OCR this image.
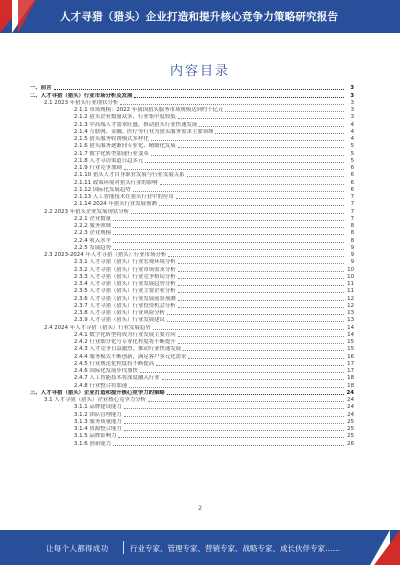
人才寻猎（猎头）企业打造和提升核心竞争力策略研究报告
内容目录
一、前言	3
二、人才寻猎（猎头）行业市场分析及发展	3
2.1 2023 年猎头行业现状分析	3
2.1.1 市场规模：2022 年我国猎头服务市场规模达到约千亿元	3
2.1.2 猎头企业数量众多，行业集中度较低	3
2.1.3 中高端人才需求旺盛，推动猎头行业快速发展	4
2.1.4 互联网、金融、医疗等行业为猎头服务需求主要领域	4
2.1.5 猎头服务收费模式多样化	4
2.1.6 猎头服务逐渐向专业化、精细化发展	5
2.1.7 数字化转型加速行业变革	5
2.1.8 人才寻访渠道日趋多元	5
2.1.9 行业竞争加剧	6
2.1.10 猎头人才自身职业发展与行业发展关系	6
2.1.11 政策环境对猎头行业的影响	6
2.1.12 国际化发展趋势	6
2.1.13 人工智能技术在猎头行业中的应用	7
2.1.14 2024 年猎头行业发展预测	7
2.2 2023 年猎头企业发展现状分析	7
2.2.1 企业数量	7
2.2.2 服务领域	8
2.2.3 企业规模	8
2.2.4 收入水平	8
2.2.5 发展趋势	9
2.3 2023-2024 年人才寻猎（猎头）行业市场分析	9
2.3.1 人才寻猎（猎头）行业宏观环境分析	9
2.3.2 人才寻猎（猎头）行业市场需求分析	10
2.3.3 人才寻猎（猎头）行业竞争格局分析	10
2.3.4 人才寻猎（猎头）行业发展趋势分析	11
2.3.5 人才寻猎（猎头）行业主要企业分析	11
2.3.6 人才寻猎（猎头）行业发展前景预测	12
2.3.7 人才寻猎（猎头）行业投资机会分析	12
2.3.8 人才寻猎（猎头）行业风险分析	13
2.3.9 人才寻猎（猎头）行业发展建议	13
2.4 2024 年人才寻猎（猎头）行业发展趋势	14
2.4.1 数字化转型将成为行业发展主要方向	14
2.4.2 行业细分化与专业化程度将不断提升	15
2.4.3 人才竞争日益激烈，推动行业快速发展	15
2.4.4 服务模式不断创新，满足客户多元化需求	16
2.4.5 行业规范化程度将不断提高	17
2.4.6 国际化发展步伐加快	17
2.4.7 人工智能技术将深度融入行业	18
2.4.8 行业整合将加速	18
三、人才寻猎（猎头）企业打造和提升核心竞争力的策略	24
3.1 人才寻猎（猎头）企业核心竞争力分析	24
3.1.1 品牌建设能力	24
3.1.2 团队管理能力	24
3.1.3 服务质量能力	25
3.1.4 资源整合能力	25
3.1.5 品牌影响力	25
3.1.6 创新能力	26
2
让每个人都得成功	行业专家、管理专家、营销专家、战略专家、成长伙伴专家……
